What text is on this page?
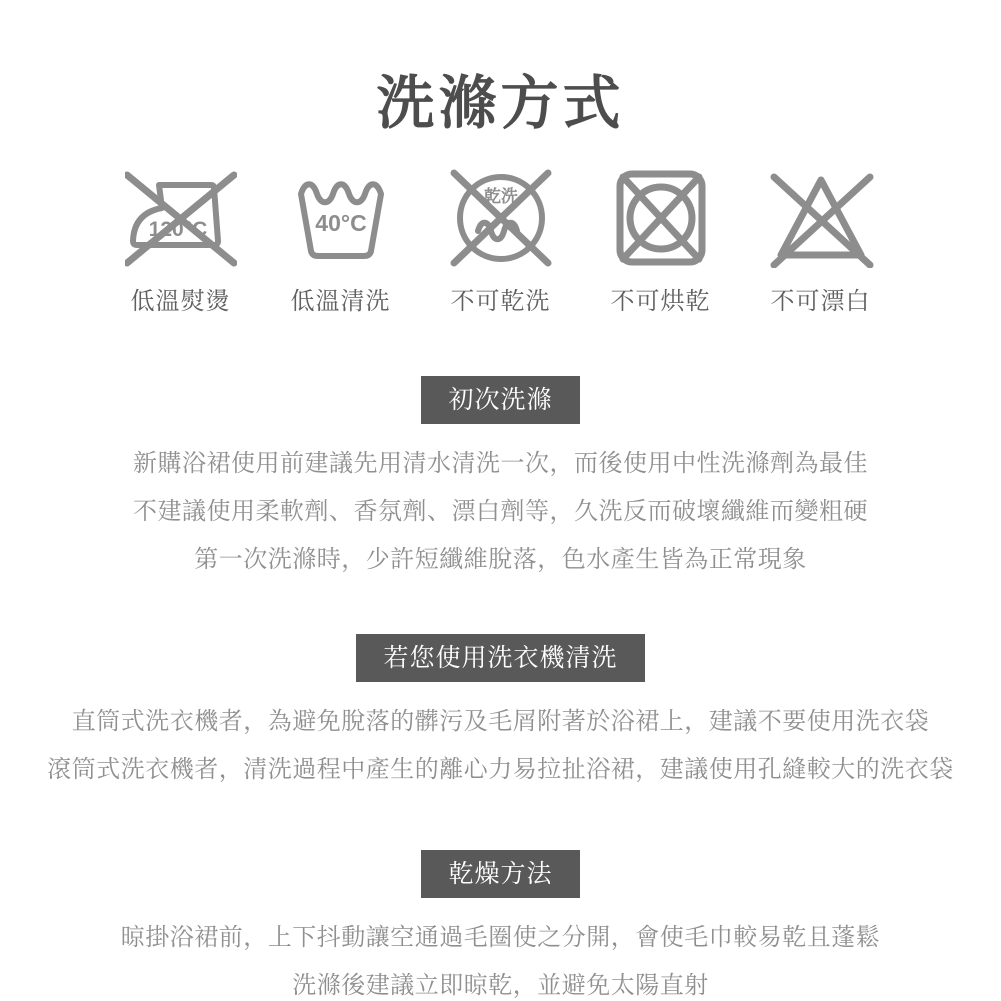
洗滌方式
120°C
低溫熨燙
40°C
低溫清洗
乾洗
不可乾洗	不可烘乾	不可漂白
初次洗滌

新購浴裙使用前建議先用清水清洗一次，而後使用中性洗滌劑為最佳

不建議使用柔軟劑、香氛劑、漂白劑等，久洗反而破壞纖維而變粗硬

第一次洗滌時，少許短纖維脫落，色水產生皆為正常現象

若您使用洗衣機清洗

直筒式洗衣機者，為避免脫落的髒污及毛屑附著於浴裙上，建議不要使用洗衣袋

滾筒式洗衣機者，清洗過程中產生的離心力易拉扯浴裙，建議使用孔縫較大的洗衣袋

乾燥方法

晾掛浴裙前，上下抖動讓空通過毛圈使之分開，會使毛巾較易乾且蓬鬆

洗滌後建議立即晾乾，並避免太陽直射
